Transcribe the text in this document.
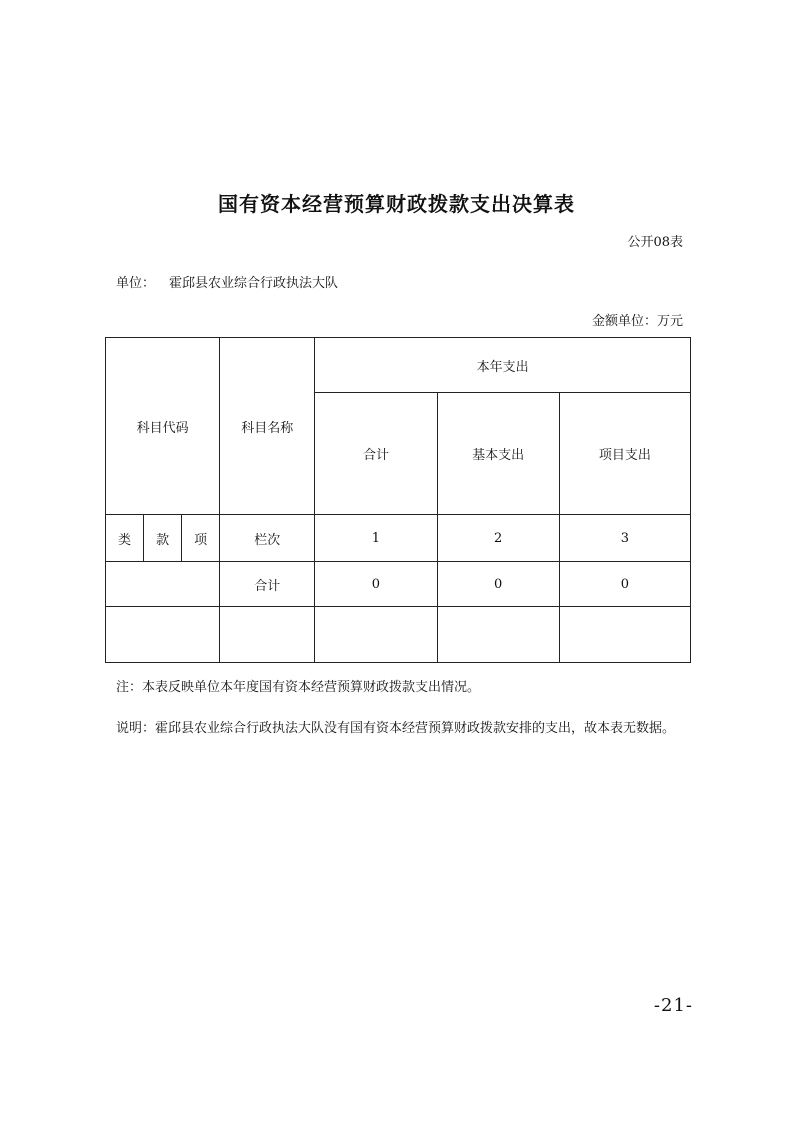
国有资本经营预算财政拨款支出决算表
公开08表
单位： 霍邱县农业综合行政执法大队
金额单位：万元
科目代码			科目名称	本年支出		
				合计	基本支出	项目支出
类	款	项	栏次	1	2	3
			合计	0	0	0

注：本表反映单位本年度国有资本经营预算财政拨款支出情况。
说明：霍邱县农业综合行政执法大队没有国有资本经营预算财政拨款安排的支出，故本表无数据。
-21-
